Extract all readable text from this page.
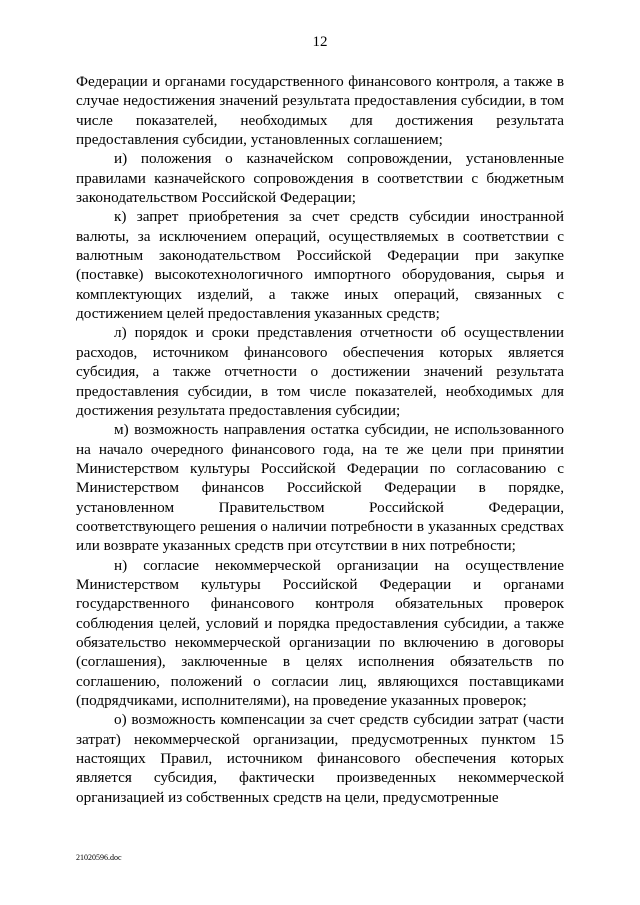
12

Федерации и органами государственного финансового контроля, а также в случае недостижения значений результата предоставления субсидии, в том числе показателей, необходимых для достижения результата предоставления субсидии, установленных соглашением;

и) положения о казначейском сопровождении, установленные правилами казначейского сопровождения в соответствии с бюджетным законодательством Российской Федерации;

к) запрет приобретения за счет средств субсидии иностранной валюты, за исключением операций, осуществляемых в соответствии с валютным законодательством Российской Федерации при закупке (поставке) высокотехнологичного импортного оборудования, сырья и комплектующих изделий, а также иных операций, связанных с достижением целей предоставления указанных средств;

л) порядок и сроки представления отчетности об осуществлении расходов, источником финансового обеспечения которых является субсидия, а также отчетности о достижении значений результата предоставления субсидии, в том числе показателей, необходимых для достижения результата предоставления субсидии;

м) возможность направления остатка субсидии, не использованного на начало очередного финансового года, на те же цели при принятии Министерством культуры Российской Федерации по согласованию с Министерством финансов Российской Федерации в порядке, установленном Правительством Российской Федерации, соответствующего решения о наличии потребности в указанных средствах или возврате указанных средств при отсутствии в них потребности;

н) согласие некоммерческой организации на осуществление Министерством культуры Российской Федерации и органами государственного финансового контроля обязательных проверок соблюдения целей, условий и порядка предоставления субсидии, а также обязательство некоммерческой организации по включению в договоры (соглашения), заключенные в целях исполнения обязательств по соглашению, положений о согласии лиц, являющихся поставщиками (подрядчиками, исполнителями), на проведение указанных проверок;

о) возможность компенсации за счет средств субсидии затрат (части затрат) некоммерческой организации, предусмотренных пунктом 15 настоящих Правил, источником финансового обеспечения которых является субсидия, фактически произведенных некоммерческой организацией из собственных средств на цели, предусмотренные

21020596.doc
